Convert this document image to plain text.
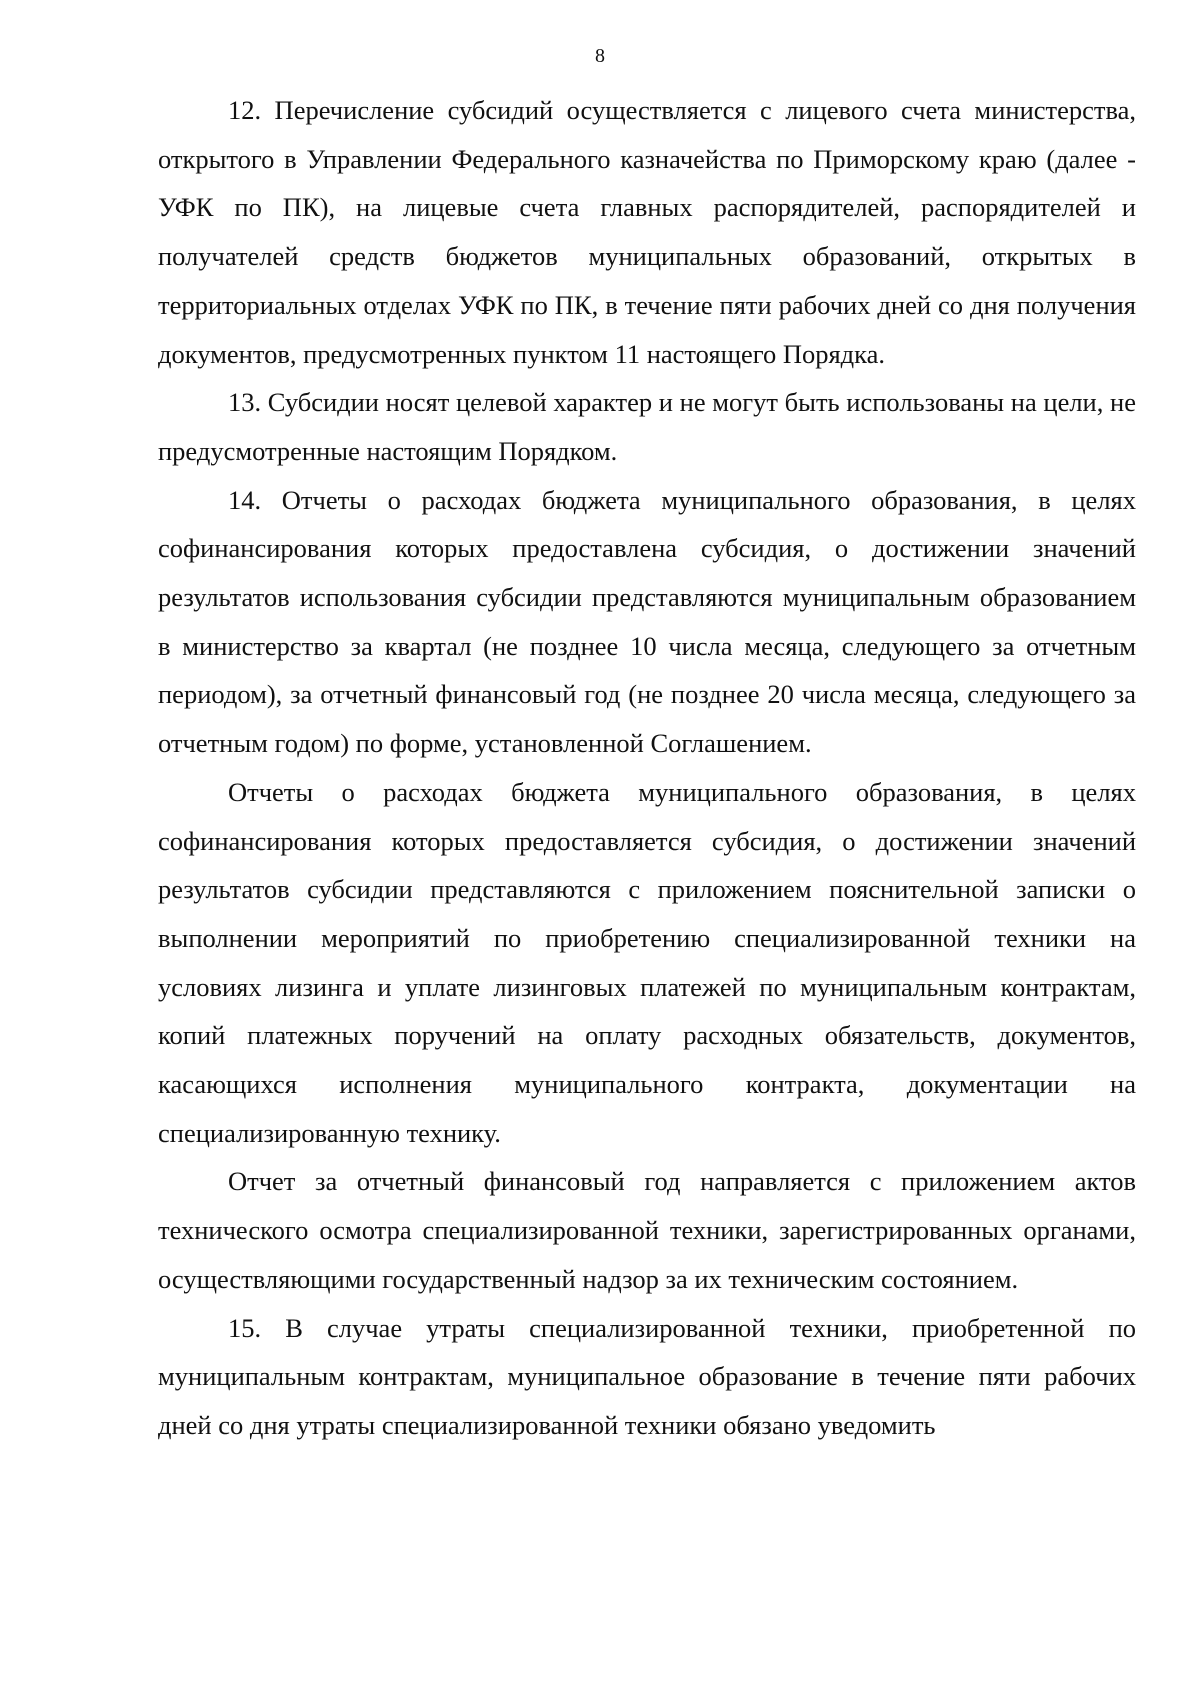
8

12. Перечисление субсидий осуществляется с лицевого счета министерства, открытого в Управлении Федерального казначейства по Приморскому краю (далее - УФК по ПК), на лицевые счета главных распорядителей, распорядителей и получателей средств бюджетов муниципальных образований, открытых в территориальных отделах УФК по ПК, в течение пяти рабочих дней со дня получения документов, предусмотренных пунктом 11 настоящего Порядка.

13. Субсидии носят целевой характер и не могут быть использованы на цели, не предусмотренные настоящим Порядком.

14. Отчеты о расходах бюджета муниципального образования, в целях софинансирования которых предоставлена субсидия, о достижении значений результатов использования субсидии представляются муниципальным образованием в министерство за квартал (не позднее 10 числа месяца, следующего за отчетным периодом), за отчетный финансовый год (не позднее 20 числа месяца, следующего за отчетным годом) по форме, установленной Соглашением.

Отчеты о расходах бюджета муниципального образования, в целях софинансирования которых предоставляется субсидия, о достижении значений результатов субсидии представляются с приложением пояснительной записки о выполнении мероприятий по приобретению специализированной техники на условиях лизинга и уплате лизинговых платежей по муниципальным контрактам, копий платежных поручений на оплату расходных обязательств, документов, касающихся исполнения муниципального контракта, документации на специализированную технику.

Отчет за отчетный финансовый год направляется с приложением актов технического осмотра специализированной техники, зарегистрированных органами, осуществляющими государственный надзор за их техническим состоянием.

15. В случае утраты специализированной техники, приобретенной по муниципальным контрактам, муниципальное образование в течение пяти рабочих дней со дня утраты специализированной техники обязано уведомить
